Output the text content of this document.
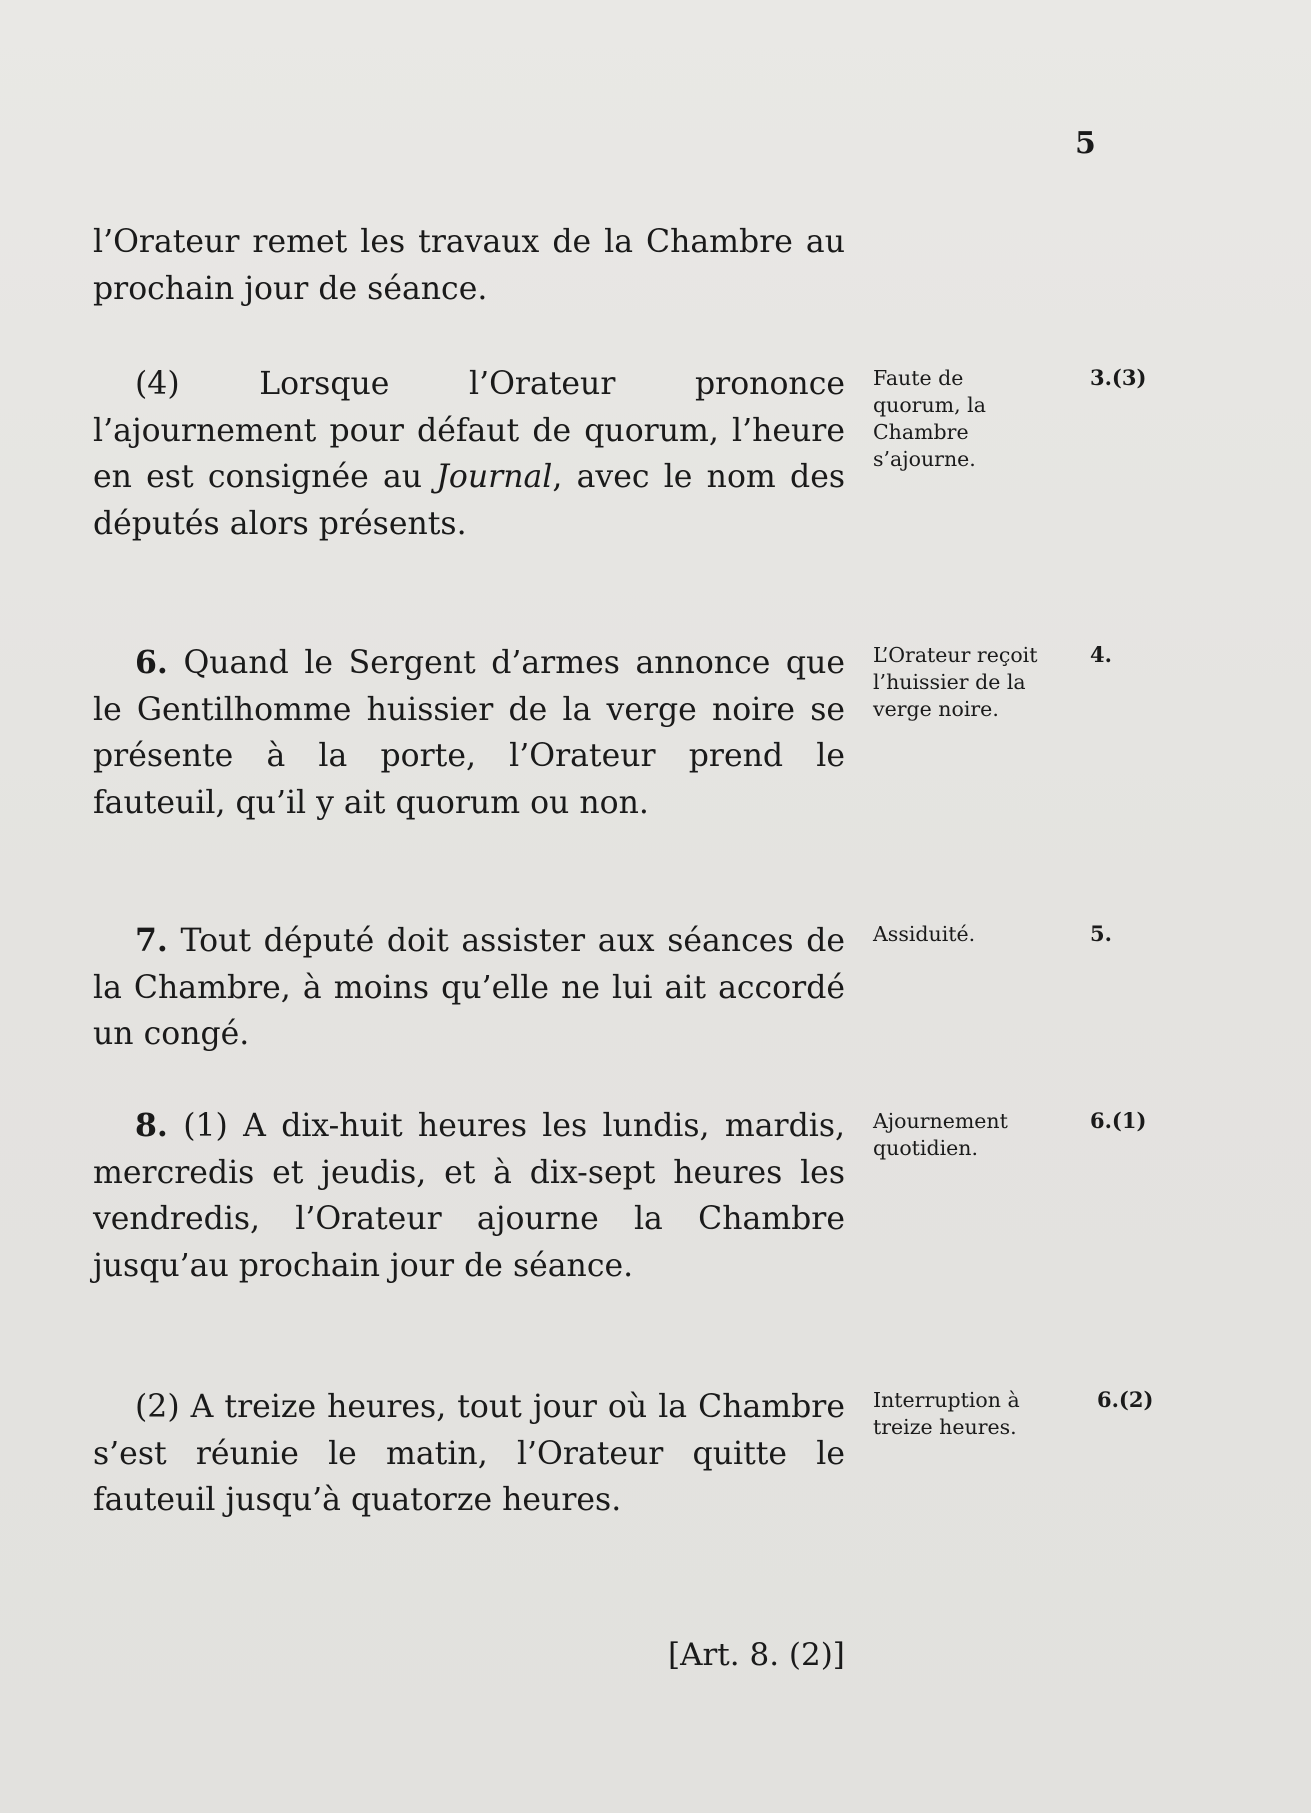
5

l’Orateur remet les travaux de la Chambre au prochain jour de séance.

(4) Lorsque l’Orateur prononce l’ajournement pour défaut de quorum, l’heure en est consignée au Journal, avec le nom des députés alors présents.

Faute de quorum, la Chambre s’ajourne.

3.(3)

6. Quand le Sergent d’armes annonce que le Gentilhomme huissier de la verge noire se présente à la porte, l’Orateur prend le fauteuil, qu’il y ait quorum ou non.

L’Orateur reçoit l’huissier de la verge noire.

4.

7. Tout député doit assister aux séances de la Chambre, à moins qu’elle ne lui ait accordé un congé.

Assiduité.	5.

8. (1) A dix-huit heures les lundis, mardis, mercredis et jeudis, et à dix-sept heures les vendredis, l’Orateur ajourne la Chambre jusqu’au prochain jour de séance.

Ajournement quotidien.

6.(1)

(2) A treize heures, tout jour où la Chambre s’est réunie le matin, l’Orateur quitte le fauteuil jusqu’à quatorze heures.

Interruption à treize heures.

6.(2)

[Art. 8. (2)]
